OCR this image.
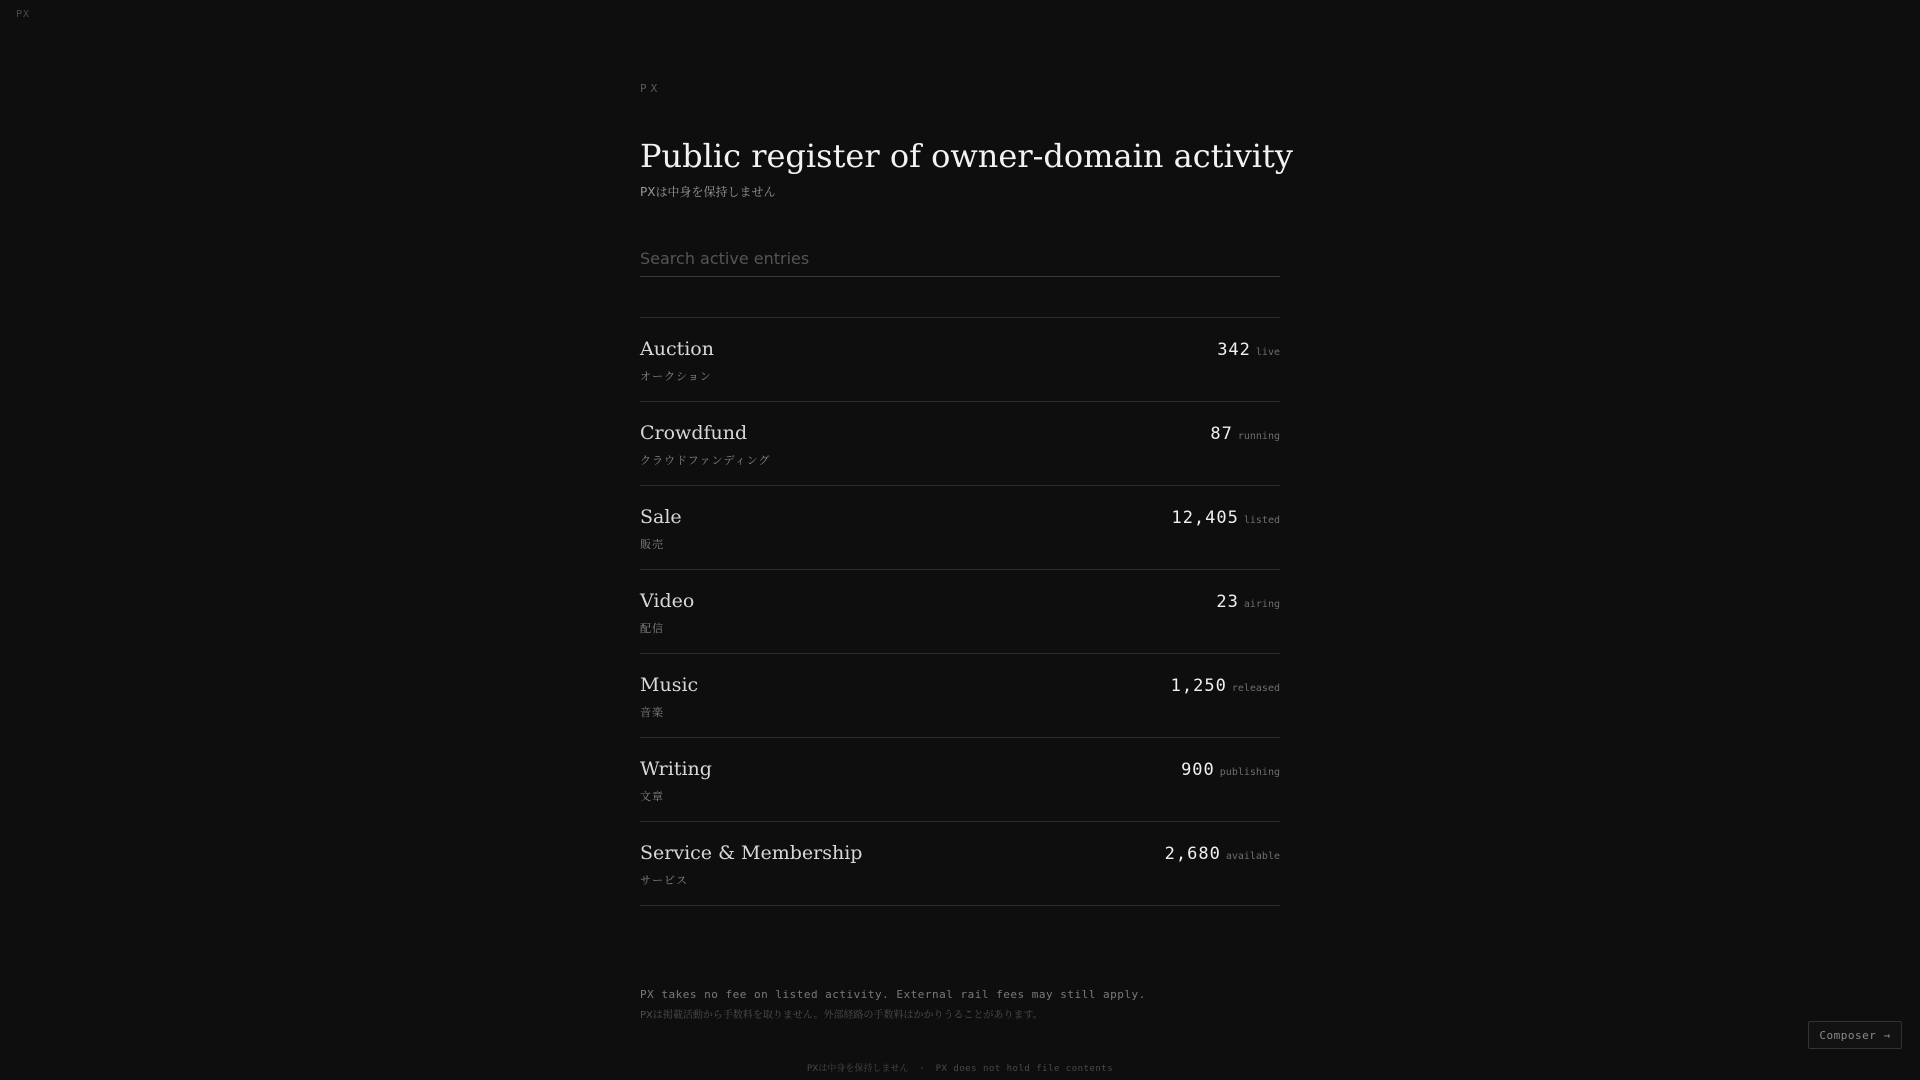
PX
PX
Public register of owner-domain activity
PXは中身を保持しません
Search active entries
Auction
オークション
342 live
Crowdfund
クラウドファンディング
87 running
Sale
販売
12,405 listed
Video
配信
23 airing
Music
音楽
1,250 released
Writing
文章
900 publishing
Service & Membership
サービス
2,680 available
PX takes no fee on listed activity. External rail fees may still apply.
PXは掲載活動から手数料を取りません。外部経路の手数料はかかりうることがあります。
PXは中身を保持しません · PX does not hold file contents
Composer →
